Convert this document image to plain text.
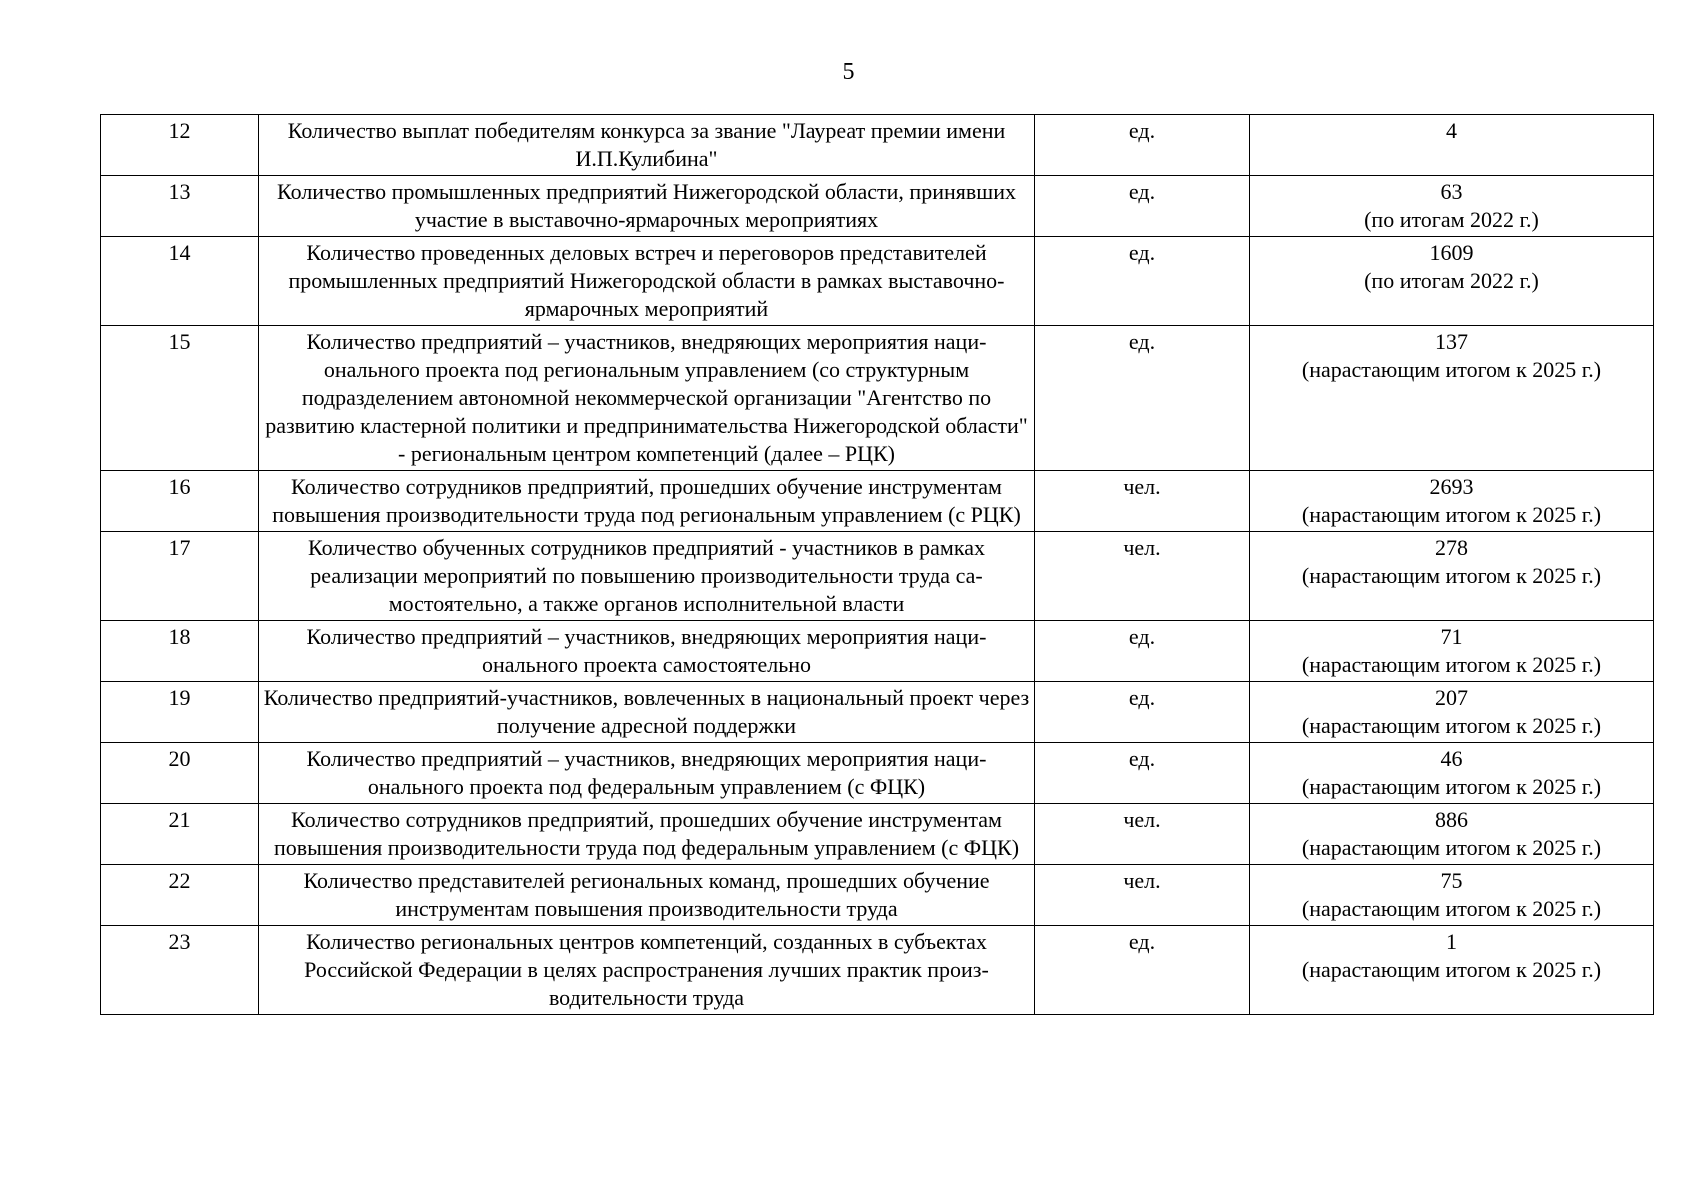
5
12	Количество выплат победителям конкурса за звание "Лауреат премии имени И.П.Кулибина"	ед.	4

13	Количество промышленных предприятий Нижегородской области, принявших участие в выставочно-ярмарочных мероприятиях	ед.	63
(по итогам 2022 г.)

14	Количество проведенных деловых встреч и переговоров представителей промышленных предприятий Нижегородской области в рамках выставочно-ярмарочных мероприятий	ед.	1609
(по итогам 2022 г.)

15	Количество предприятий – участников, внедряющих мероприятия национального проекта под региональным управлением (со структурным подразделением автономной некоммерческой организации "Агентство по развитию кластерной политики и предпринимательства Нижегородской области" - региональным центром компетенций (далее – РЦК)	ед.	137
(нарастающим итогом к 2025 г.)

16	Количество сотрудников предприятий, прошедших обучение инструментам повышения производительности труда под региональным управлением (с РЦК)	чел.	2693
(нарастающим итогом к 2025 г.)

17	Количество обученных сотрудников предприятий - участников в рамках реализации мероприятий по повышению производительности труда самостоятельно, а также органов исполнительной власти	чел.	278
(нарастающим итогом к 2025 г.)

18	Количество предприятий – участников, внедряющих мероприятия национального проекта самостоятельно	ед.	71
(нарастающим итогом к 2025 г.)

19	Количество предприятий-участников, вовлеченных в национальный проект через получение адресной поддержки	ед.	207
(нарастающим итогом к 2025 г.)

20	Количество предприятий – участников, внедряющих мероприятия национального проекта под федеральным управлением (с ФЦК)	ед.	46
(нарастающим итогом к 2025 г.)

21	Количество сотрудников предприятий, прошедших обучение инструментам повышения производительности труда под федеральным управлением (с ФЦК)	чел.	886
(нарастающим итогом к 2025 г.)

22	Количество представителей региональных команд, прошедших обучение инструментам повышения производительности труда	чел.	75
(нарастающим итогом к 2025 г.)

23	Количество региональных центров компетенций, созданных в субъектах Российской Федерации в целях распространения лучших практик производительности труда	ед.	1
(нарастающим итогом к 2025 г.)
